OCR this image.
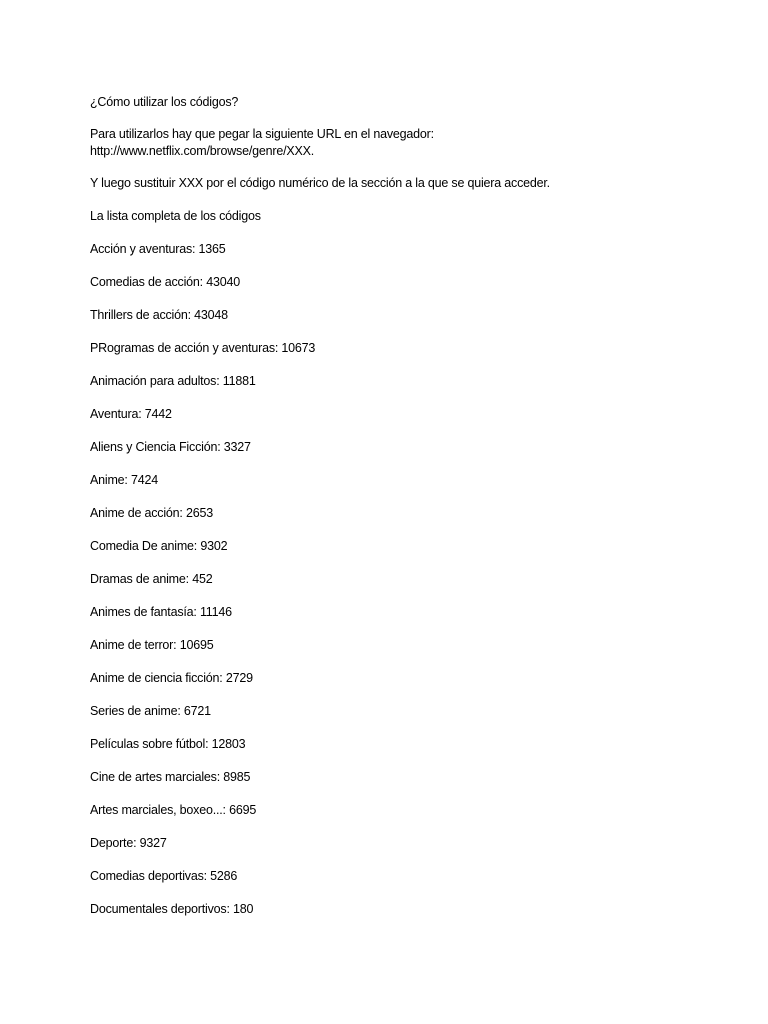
¿Cómo utilizar los códigos?

Para utilizarlos hay que pegar la siguiente URL en el navegador:

http://www.netflix.com/browse/genre/XXX.

Y luego sustituir XXX por el código numérico de la sección a la que se quiera acceder.

La lista completa de los códigos

Acción y aventuras: 1365

Comedias de acción: 43040

Thrillers de acción: 43048

PRogramas de acción y aventuras: 10673

Animación para adultos: 11881

Aventura: 7442

Aliens y Ciencia Ficción: 3327

Anime: 7424

Anime de acción: 2653

Comedia De anime: 9302

Dramas de anime: 452

Animes de fantasía: 11146

Anime de terror: 10695

Anime de ciencia ficción: 2729

Series de anime: 6721

Películas sobre fútbol: 12803

Cine de artes marciales: 8985

Artes marciales, boxeo...: 6695

Deporte: 9327

Comedias deportivas: 5286

Documentales deportivos: 180
